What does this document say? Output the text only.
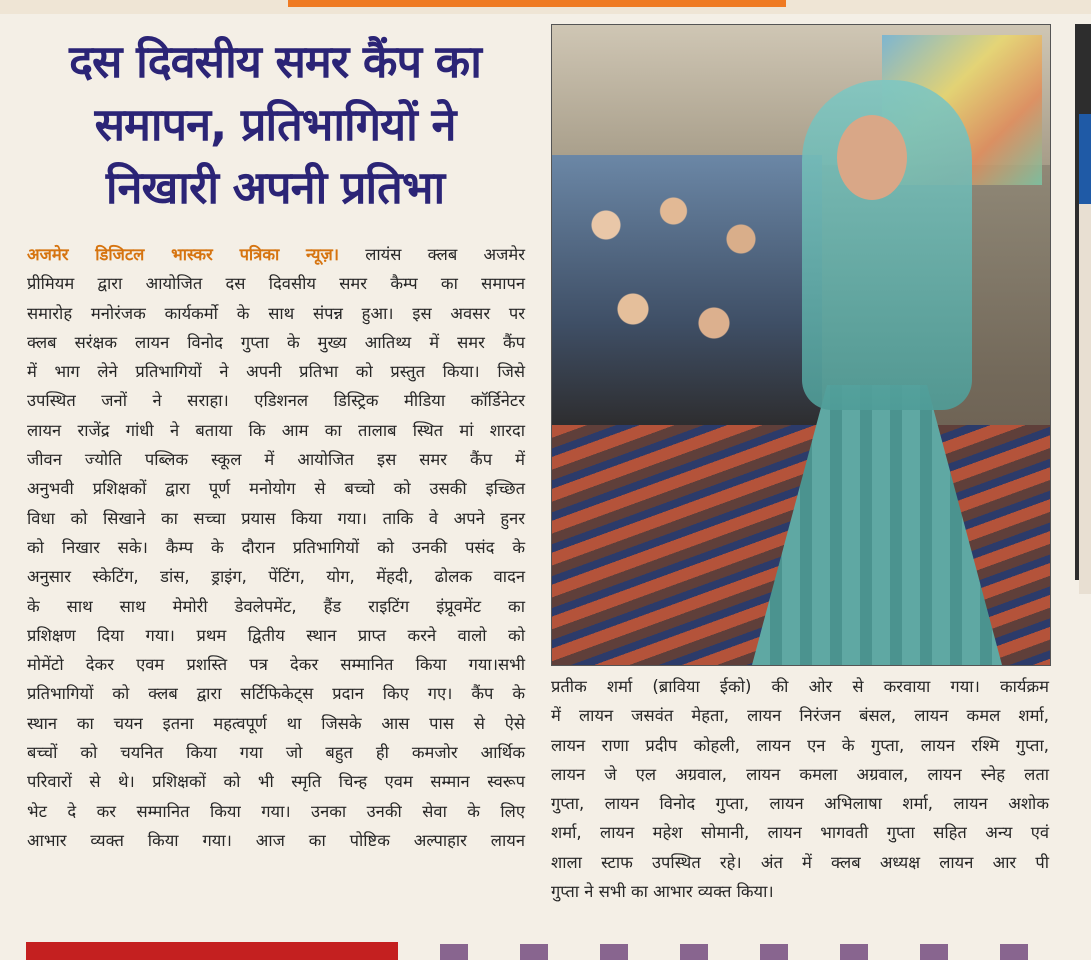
दस दिवसीय समर कैंप का
समापन, प्रतिभागियों ने
निखारी अपनी प्रतिभा
अजमेर डिजिटल भास्कर पत्रिका न्यूज़। लायंस क्लब अजमेर
प्रीमियम द्वारा आयोजित दस दिवसीय समर कैम्प का समापन
समारोह मनोरंजक कार्यकर्मो के साथ संपन्न हुआ। इस अवसर पर
क्लब सरंक्षक लायन विनोद गुप्ता के मुख्य आतिथ्य में समर कैंप
में भाग लेने प्रतिभागियों ने अपनी प्रतिभा को प्रस्तुत किया। जिसे
उपस्थित जनों ने सराहा। एडिशनल डिस्ट्रिक मीडिया कॉर्डिनेटर
लायन राजेंद्र गांधी ने बताया कि आम का तालाब स्थित मां शारदा
जीवन ज्योति पब्लिक स्कूल में आयोजित इस समर कैंप में
अनुभवी प्रशिक्षकों द्वारा पूर्ण मनोयोग से बच्चो को उसकी इच्छित
विधा को सिखाने का सच्चा प्रयास किया गया। ताकि वे अपने हुनर
को निखार सके। कैम्प के दौरान प्रतिभागियों को उनकी पसंद के
अनुसार स्केटिंग, डांस, ड्राइंग, पेंटिंग, योग, मेंहदी, ढोलक वादन
के साथ साथ मेमोरी डेवलेपमेंट, हैंड राइटिंग इंप्रूवमेंट का
प्रशिक्षण दिया गया। प्रथम द्वितीय स्थान प्राप्त करने वालो को
मोमेंटो देकर एवम प्रशस्ति पत्र देकर सम्मानित किया गया।सभी
प्रतिभागियों को क्लब द्वारा सर्टिफिकेट्स प्रदान किए गए। कैंप के
स्थान का चयन इतना महत्वपूर्ण था जिसके आस पास से ऐसे
बच्चों को चयनित किया गया जो बहुत ही कमजोर आर्थिक
परिवारों से थे। प्रशिक्षकों को भी स्मृति चिन्ह एवम सम्मान स्वरूप
भेट दे कर सम्मानित किया गया। उनका उनकी सेवा के लिए
आभार व्यक्त किया गया। आज का पोष्टिक अल्पाहार लायन
प्रतीक शर्मा (ब्राविया ईको) की ओर से करवाया गया। कार्यक्रम
में लायन जसवंत मेहता, लायन निरंजन बंसल, लायन कमल शर्मा,
लायन राणा प्रदीप कोहली, लायन एन के गुप्ता, लायन रश्मि गुप्ता,
लायन जे एल अग्रवाल, लायन कमला अग्रवाल, लायन स्नेह लता
गुप्ता, लायन विनोद गुप्ता, लायन अभिलाषा शर्मा, लायन अशोक
शर्मा, लायन महेश सोमानी, लायन भागवती गुप्ता सहित अन्य एवं
शाला स्टाफ उपस्थित रहे। अंत में क्लब अध्यक्ष लायन आर पी
गुप्ता ने सभी का आभार व्यक्त किया।
